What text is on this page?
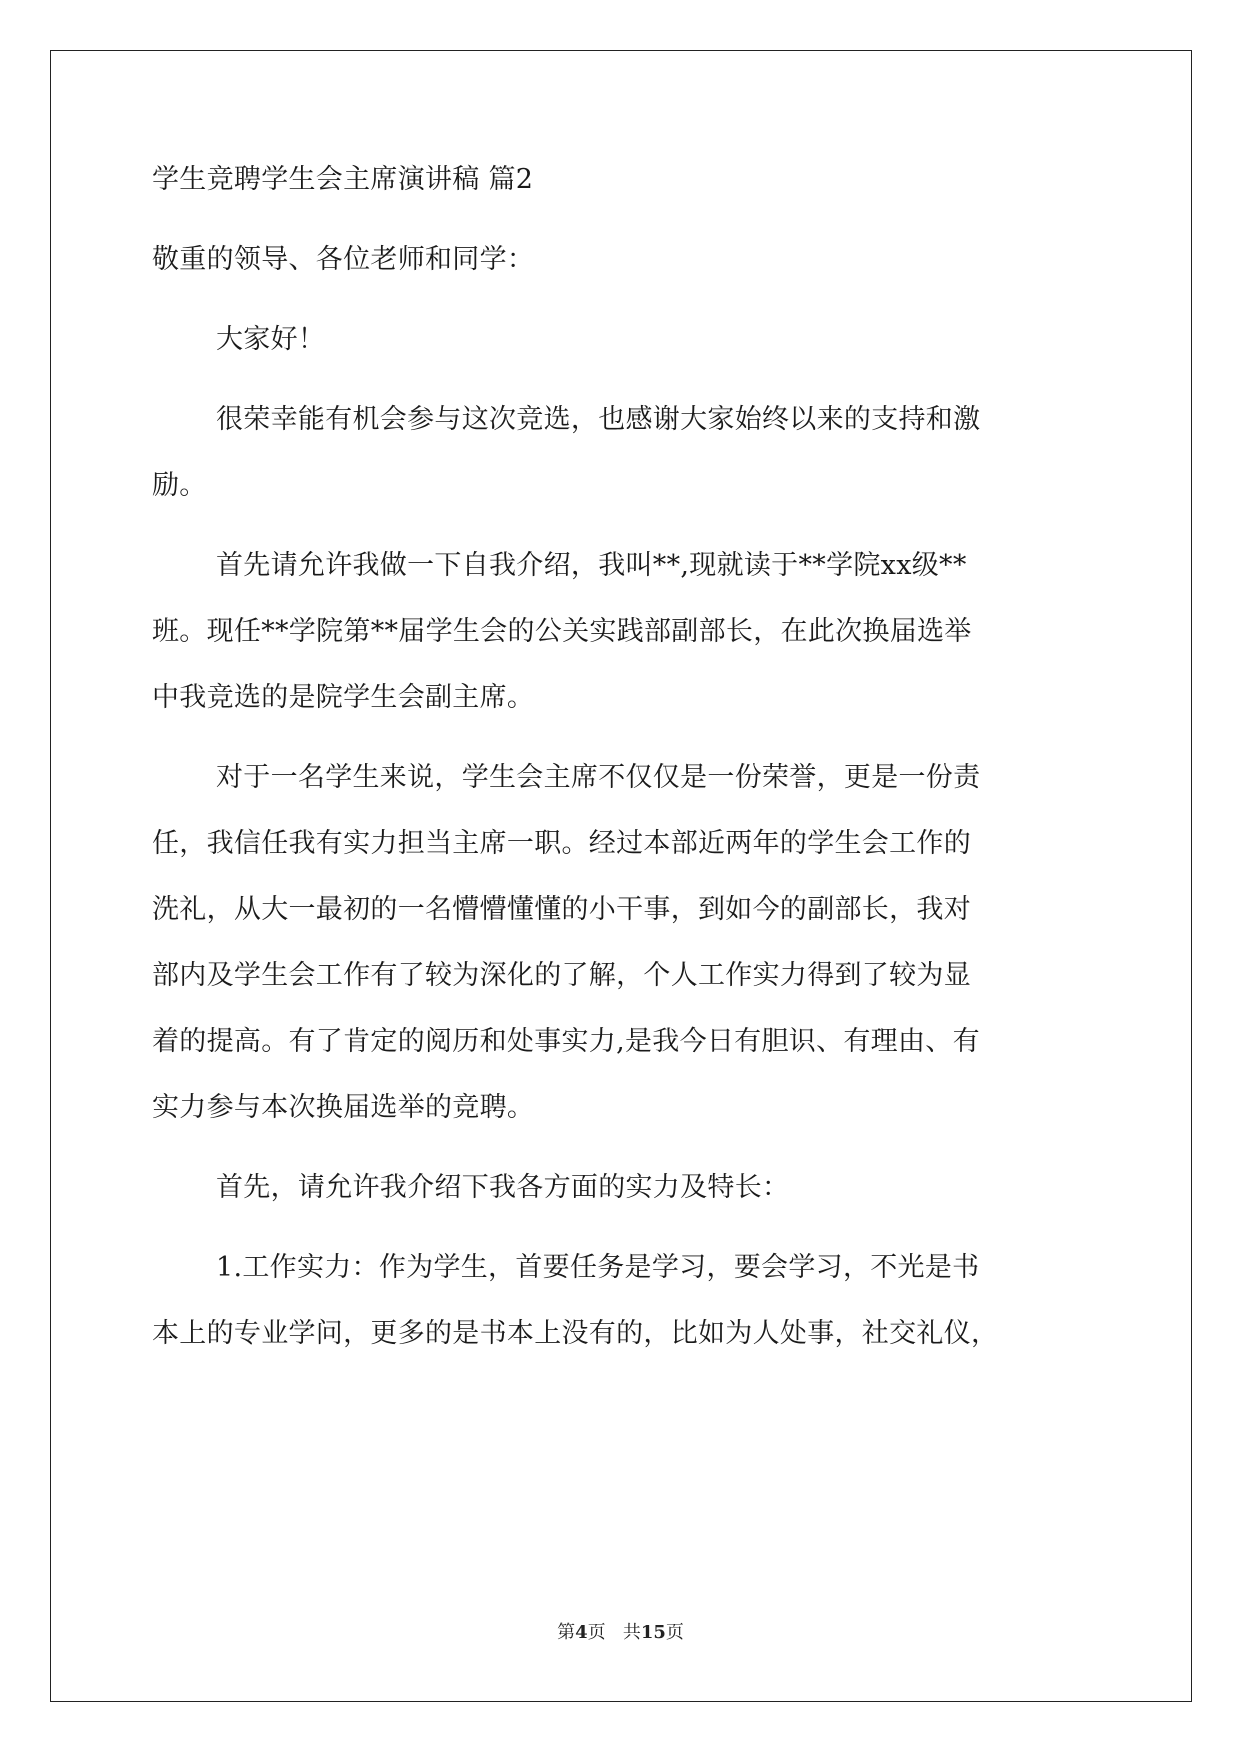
学生竞聘学生会主席演讲稿 篇2
敬重的领导、各位老师和同学：
大家好！
很荣幸能有机会参与这次竞选，也感谢大家始终以来的支持和激
励。
首先请允许我做一下自我介绍，我叫**,现就读于**学院xx级**
班。现任**学院第**届学生会的公关实践部副部长，在此次换届选举
中我竞选的是院学生会副主席。
对于一名学生来说，学生会主席不仅仅是一份荣誉，更是一份责
任，我信任我有实力担当主席一职。经过本部近两年的学生会工作的
洗礼，从大一最初的一名懵懵懂懂的小干事，到如今的副部长，我对
部内及学生会工作有了较为深化的了解，个人工作实力得到了较为显
着的提高。有了肯定的阅历和处事实力,是我今日有胆识、有理由、有
实力参与本次换届选举的竞聘。
首先，请允许我介绍下我各方面的实力及特长：
1.工作实力：作为学生，首要任务是学习，要会学习，不光是书
本上的专业学问，更多的是书本上没有的，比如为人处事，社交礼仪，
第4页 共15页
